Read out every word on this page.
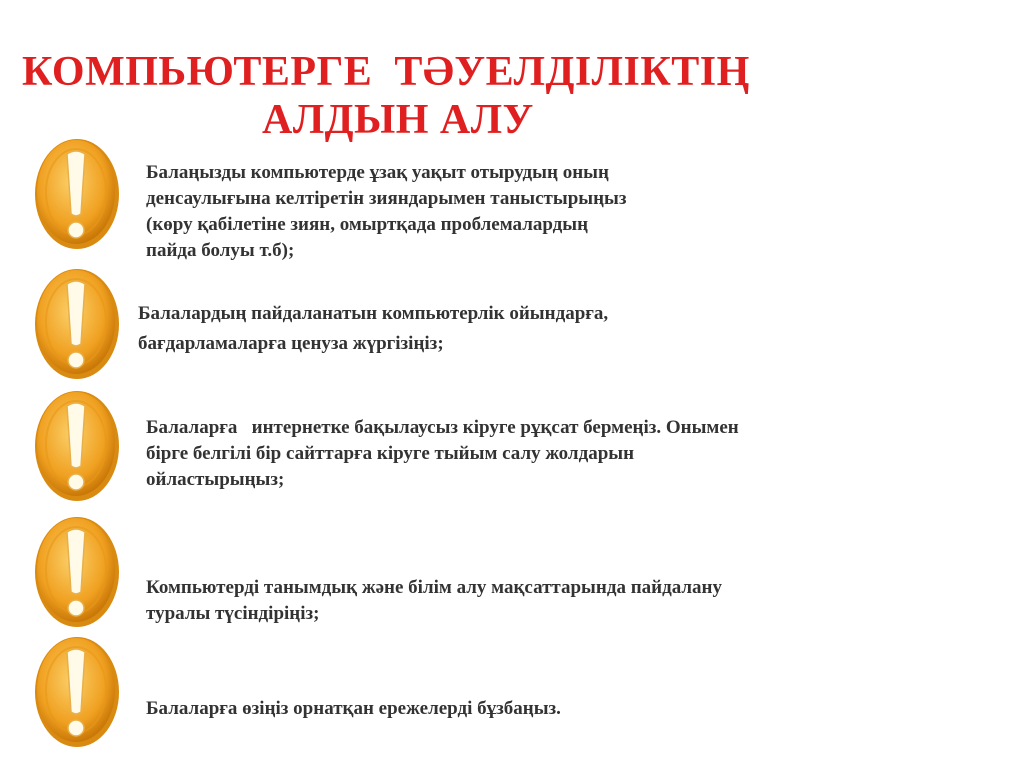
КОМПЬЮТЕРГЕ  ТӘУЕЛДІЛІКТІҢ
АЛДЫН АЛУ
Балаңызды компьютерде ұзақ уақыт отырудың оның
денсаулығына келтіретін зияндарымен таныстырыңыз
(көру қабілетіне зиян, омыртқада проблемалардың
пайда болуы т.б);
Балалардың пайдаланатын компьютерлік ойындарға,
бағдарламаларға ценуза жүргізіңіз;
Балаларға   интернетке бақылаусыз кіруге рұқсат бермеңіз. Онымен
бірге белгілі бір сайттарға кіруге тыйым салу жолдарын
ойластырыңыз;
Компьютерді танымдық және білім алу мақсаттарында пайдалану
туралы түсіндіріңіз;
Балаларға өзіңіз орнатқан ережелерді бұзбаңыз.
